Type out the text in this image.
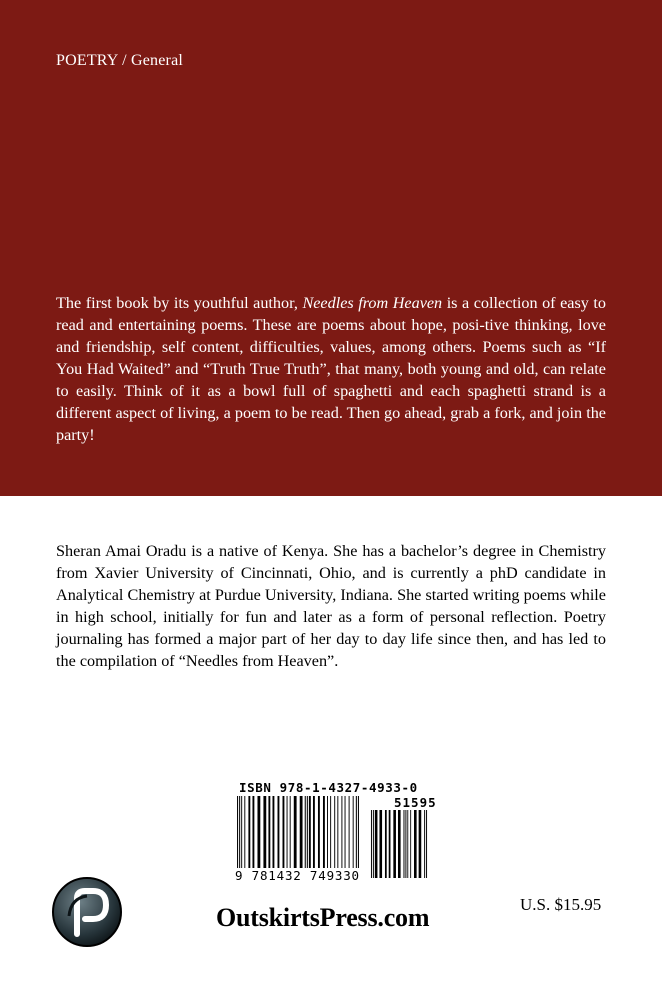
POETRY / General

The first book by its youthful author, Needles from Heaven is a collection of easy to read and entertaining poems. These are poems about hope, posi-tive thinking, love and friendship, self content, difficulties, values, among others. Poems such as “If You Had Waited” and “Truth True Truth”, that many, both young and old, can relate to easily. Think of it as a bowl full of spaghetti and each spaghetti strand is a different aspect of living, a poem to be read. Then go ahead, grab a fork, and join the party!

Sheran Amai Oradu is a native of Kenya. She has a bachelor’s degree in Chemistry from Xavier University of Cincinnati, Ohio, and is currently a phD candidate in Analytical Chemistry at Purdue University, Indiana. She started writing poems while in high school, initially for fun and later as a form of personal reflection. Poetry journaling has formed a major part of her day to day life since then, and has led to the compilation of “Needles from Heaven”.

ISBN 978-1-4327-4933-0
51595
9 781432 749330
OutskirtsPress.com	U.S. $15.95
